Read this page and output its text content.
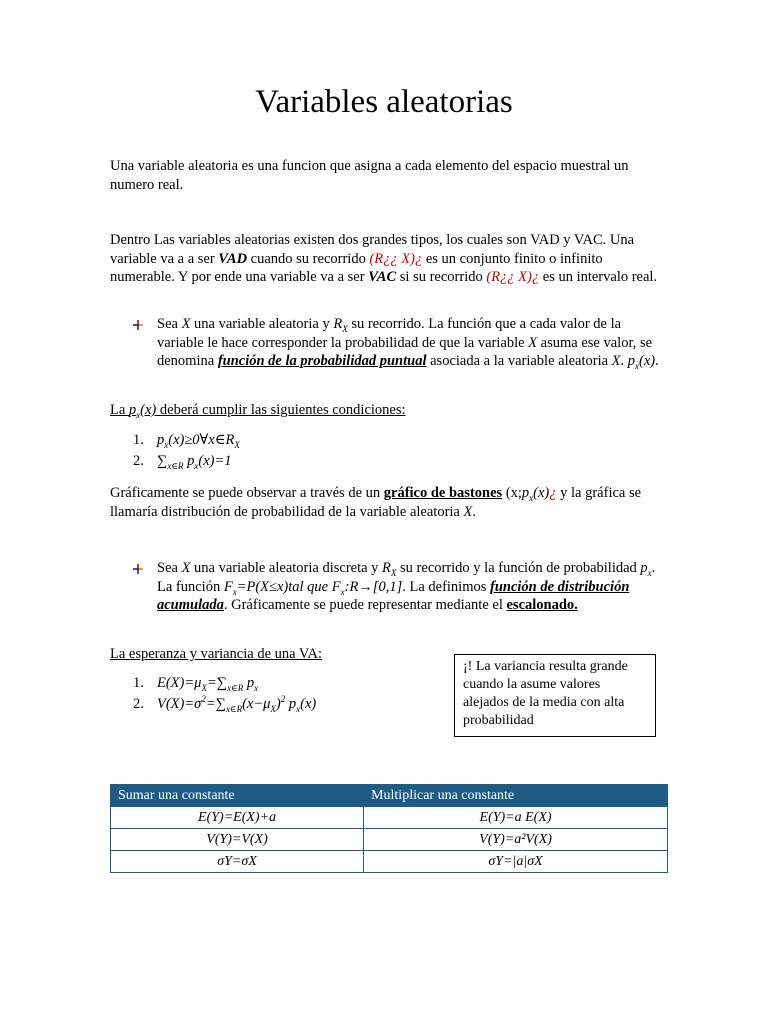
Variables aleatorias

Una variable aleatoria es una funcion que asigna a cada elemento del espacio muestral un numero real.

Dentro Las variables aleatorias existen dos grandes tipos, los cuales son VAD y VAC. Una variable va a a ser VAD cuando su recorrido (R¿¿ X)¿ es un conjunto finito o infinito numerable. Y por ende una variable va a ser VAC si su recorrido (R¿¿ X)¿ es un intervalo real.

Sea X una variable aleatoria y $R_X$ su recorrido. La función que a cada valor de la variable le hace corresponder la probabilidad de que la variable X asuma ese valor, se denomina función de la probabilidad puntual asociada a la variable aleatoria X. $p_x(x)$.

La $p_x(x)$ deberá cumplir las siguientes condiciones:

1. $p_x(x)\ge 0\forall x\in R_X$
2. $\sum_{x\in R}$ $p_x(x)=1$

Gráficamente se puede observar a través de un gráfico de bastones ($x;p_x(x)¿$ y la gráfica se llamaría distribución de probabilidad de la variable aleatoria X.

Sea X una variable aleatoria discreta y $R_X$ su recorrido y la función de probabilidad $p_x$. La función $F_x=P(X\le x)tal$ que $F_x:R\to[0,1]$. La definimos función de distribución acumulada. Gráficamente se puede representar mediante el escalonado.

La esperanza y variancia de una VA:

1. $E(X)=\mu_X=\sum_{x\in R}$ $p_x$
2. $V(X)=\sigma^2=\sum_{x\in R}(x-\mu_X)^2$ $p_x(x)$
¡! La variancia resulta grande cuando la asume valores alejados de la media con alta probabilidad
Sumar una constante	Multiplicar una constante
E(Y)=E(X)+a	E(Y)=a E(X)
V(Y)=V(X)	V(Y)=a²V(X)
σY=σX	σY=|a|σX
